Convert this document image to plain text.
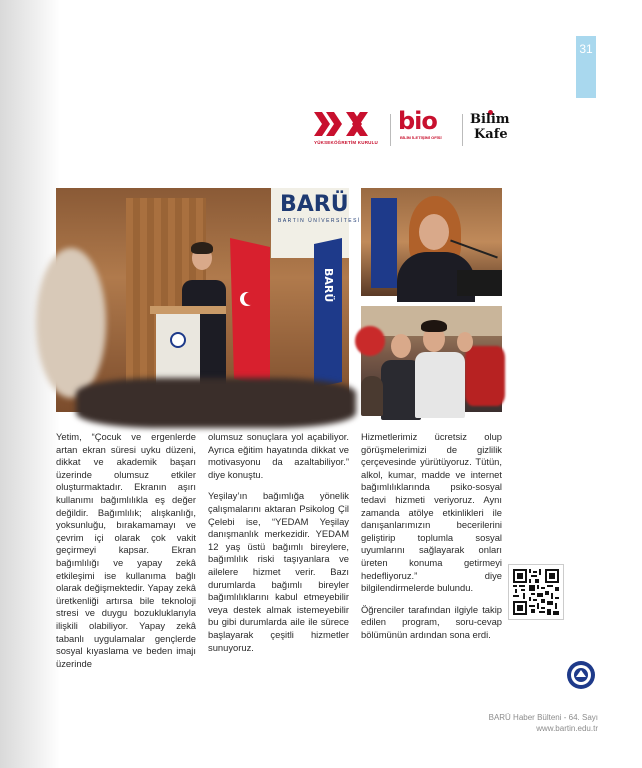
31
YÜKSEKÖĞRETİM KURULU
bio
BİLİM İLETİŞİMİ OFİSİ
Bilim
Kafe
BARÜ
BARTIN ÜNİVERSİTESİ
BARÜ

Yetim, “Çocuk ve ergenlerde artan ekran süresi uyku düzeni, dikkat ve akademik başarı üzerinde olumsuz etkiler oluşturmaktadır. Ekranın aşırı kullanımı bağımlılıkla eş değer değildir. Bağımlılık; alışkanlığı, yoksunluğu, bırakamamayı ve çevrim içi olarak çok vakit geçirmeyi kapsar. Ekran bağımlılığı ve yapay zekâ etkileşimi ise kullanıma bağlı olarak değişmektedir. Yapay zekâ üretkenliği artırsa bile teknoloji stresi ve duygu bozukluklarıyla ilişkili olabiliyor. Yapay zekâ tabanlı uygulamalar gençlerde sosyal kıyaslama ve beden imajı üzerinde

olumsuz sonuçlara yol açabiliyor. Ayrıca eğitim hayatında dikkat ve motivasyonu da azaltabiliyor.” diye konuştu.

Yeşilay’ın bağımlığa yönelik çalışmalarını aktaran Psikolog Çil Çelebi ise, “YEDAM Yeşilay danışmanlık merkezidir. YEDAM 12 yaş üstü bağımlı bireylere, bağımlılık riski taşıyanlara ve ailelere hizmet verir. Bazı durumlarda bağımlı bireyler bağımlılıklarını kabul etmeyebilir veya destek almak istemeyebilir bu gibi durumlarda aile ile sürece başlayarak çeşitli hizmetler sunuyoruz.

Hizmetlerimiz ücretsiz olup görüşmelerimizi de gizlilik çerçevesinde yürütüyoruz. Tütün, alkol, kumar, madde ve internet bağımlılıklarında psiko-sosyal tedavi hizmeti veriyoruz. Aynı zamanda atölye etkinlikleri ile danışanlarımızın becerilerini geliştirip toplumla sosyal uyumlarını sağlayarak onları üreten konuma getirmeyi hedefliyoruz.” diye bilgilendirmelerde bulundu.

Öğrenciler tarafından ilgiyle takip edilen program, soru-cevap bölümünün ardından sona erdi.

BARÜ Haber Bülteni - 64. Sayı
www.bartin.edu.tr
